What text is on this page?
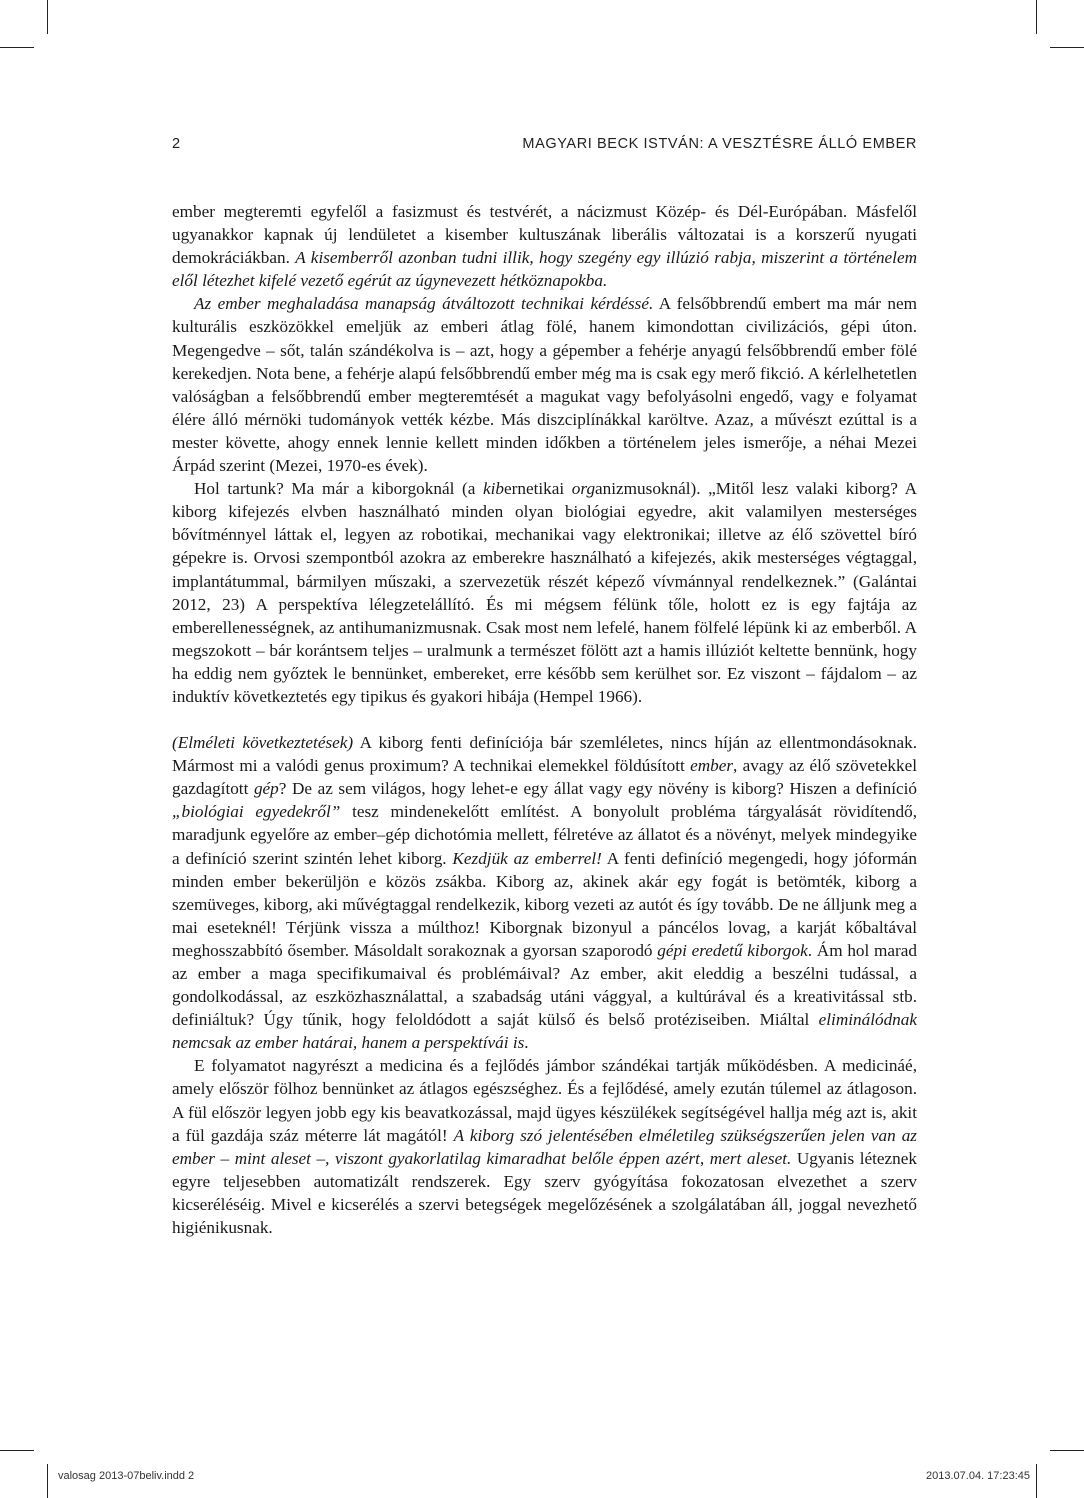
2	MAGYARI BECK ISTVÁN: A VESZTÉSRE ÁLLÓ EMBER

ember megteremti egyfelől a fasizmust és testvérét, a nácizmust Közép- és Dél-Európában. Másfelől ugyanakkor kapnak új lendületet a kisember kultuszának liberális változatai is a korszerű nyugati demokráciákban. A kisemberről azonban tudni illik, hogy szegény egy illúzió rabja, miszerint a történelem elől létezhet kifelé vezető egérút az úgynevezett hétköznapokba.

Az ember meghaladása manapság átváltozott technikai kérdéssé. A felsőbbrendű embert ma már nem kulturális eszközökkel emeljük az emberi átlag fölé, hanem kimondottan civilizációs, gépi úton. Megengedve – sőt, talán szándékolva is – azt, hogy a gépember a fehérje anyagú felsőbbrendű ember fölé kerekedjen. Nota bene, a fehérje alapú felsőbbrendű ember még ma is csak egy merő fikció. A kérlelhetetlen valóságban a felsőbbrendű ember megteremtését a magukat vagy befolyásolni engedő, vagy e folyamat élére álló mérnöki tudományok vették kézbe. Más diszciplínákkal karöltve. Azaz, a művészt ezúttal is a mester követte, ahogy ennek lennie kellett minden időkben a történelem jeles ismerője, a néhai Mezei Árpád szerint (Mezei, 1970-es évek).

Hol tartunk? Ma már a kiborgoknál (a kibernetikai organizmusoknál). „Mitől lesz valaki kiborg? A kiborg kifejezés elvben használható minden olyan biológiai egyedre, akit valamilyen mesterséges bővítménnyel láttak el, legyen az robotikai, mechanikai vagy elektronikai; illetve az élő szövettel bíró gépekre is. Orvosi szempontból azokra az emberekre használható a kifejezés, akik mesterséges végtaggal, implantátummal, bármilyen műszaki, a szervezetük részét képező vívmánnyal rendelkeznek.” (Galántai 2012, 23) A perspektíva lélegzetelállító. És mi mégsem félünk tőle, holott ez is egy fajtája az emberellenességnek, az antihumanizmusnak. Csak most nem lefelé, hanem fölfelé lépünk ki az emberből. A megszokott – bár korántsem teljes – uralmunk a természet fölött azt a hamis illúziót keltette bennünk, hogy ha eddig nem győztek le bennünket, embereket, erre később sem kerülhet sor. Ez viszont – fájdalom – az induktív következtetés egy tipikus és gyakori hibája (Hempel 1966).

(Elméleti következtetések) A kiborg fenti definíciója bár szemléletes, nincs híján az ellentmondásoknak. Mármost mi a valódi genus proximum? A technikai elemekkel földúsított ember, avagy az élő szövetekkel gazdagított gép? De az sem világos, hogy lehet-e egy állat vagy egy növény is kiborg? Hiszen a definíció „biológiai egyedekről” tesz mindenekelőtt említést. A bonyolult probléma tárgyalását rövidítendő, maradjunk egyelőre az ember–gép dichotómia mellett, félretéve az állatot és a növényt, melyek mindegyike a definíció szerint szintén lehet kiborg. Kezdjük az emberrel! A fenti definíció megengedi, hogy jóformán minden ember bekerüljön e közös zsákba. Kiborg az, akinek akár egy fogát is betömték, kiborg a szemüveges, kiborg, aki művégtaggal rendelkezik, kiborg vezeti az autót és így tovább. De ne álljunk meg a mai eseteknél! Térjünk vissza a múlthoz! Kiborgnak bizonyul a páncélos lovag, a karját kőbaltával meghosszabbító ősember. Másoldalt sorakoznak a gyorsan szaporodó gépi eredetű kiborgok. Ám hol marad az ember a maga specifikumaival és problémáival? Az ember, akit eleddig a beszélni tudással, a gondolkodással, az eszközhasználattal, a szabadság utáni vággyal, a kultúrával és a kreativitással stb. definiáltuk? Úgy tűnik, hogy feloldódott a saját külső és belső protéziseiben. Miáltal eliminálódnak nemcsak az ember határai, hanem a perspektívái is.

E folyamatot nagyrészt a medicina és a fejlődés jámbor szándékai tartják működésben. A medicináé, amely először fölhoz bennünket az átlagos egészséghez. És a fejlődésé, amely ezután túlemel az átlagoson. A fül először legyen jobb egy kis beavatkozással, majd ügyes készülékek segítségével hallja még azt is, akit a fül gazdája száz méterre lát magától! A kiborg szó jelentésében elméletileg szükségszerűen jelen van az ember – mint aleset –, viszont gyakorlatilag kimaradhat belőle éppen azért, mert aleset. Ugyanis léteznek egyre teljesebben automatizált rendszerek. Egy szerv gyógyítása fokozatosan elvezethet a szerv kicseréléséig. Mivel e kicserélés a szervi betegségek megelőzésének a szolgálatában áll, joggal nevezhető higiénikusnak.

valosag 2013-07beliv.indd 2	2013.07.04. 17:23:45
